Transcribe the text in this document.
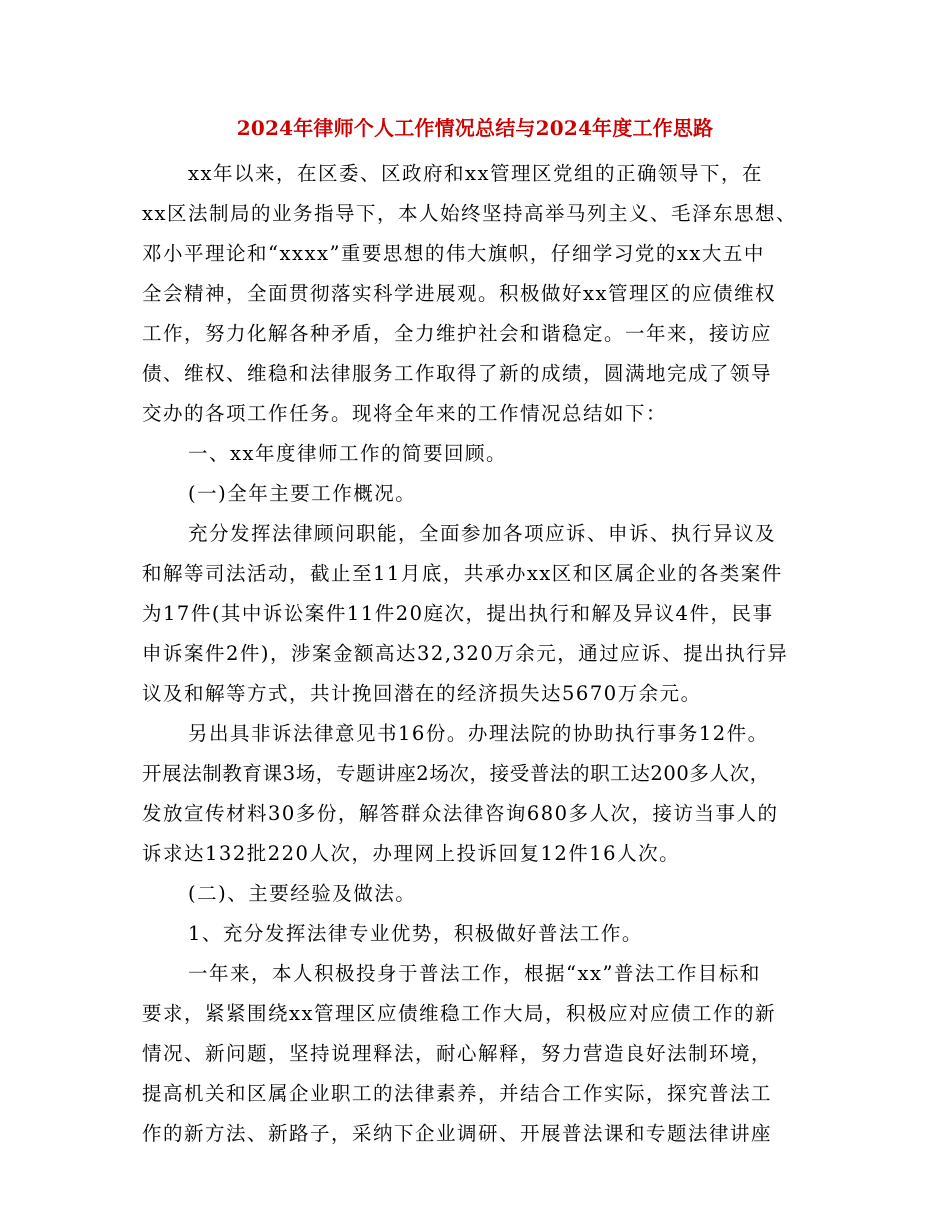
2024年律师个人工作情况总结与2024年度工作思路
xx年以来，在区委、区政府和xx管理区党组的正确领导下，在
xx区法制局的业务指导下，本人始终坚持高举马列主义、毛泽东思想、
邓小平理论和“xxxx”重要思想的伟大旗帜，仔细学习党的xx大五中
全会精神，全面贯彻落实科学进展观。积极做好xx管理区的应债维权
工作，努力化解各种矛盾，全力维护社会和谐稳定。一年来，接访应
债、维权、维稳和法律服务工作取得了新的成绩，圆满地完成了领导
交办的各项工作任务。现将全年来的工作情况总结如下：
一、xx年度律师工作的简要回顾。
(一)全年主要工作概况。
充分发挥法律顾问职能，全面参加各项应诉、申诉、执行异议及
和解等司法活动，截止至11月底，共承办xx区和区属企业的各类案件
为17件(其中诉讼案件11件20庭次，提出执行和解及异议4件，民事
申诉案件2件)，涉案金额高达32,320万余元，通过应诉、提出执行异
议及和解等方式，共计挽回潜在的经济损失达5670万余元。
另出具非诉法律意见书16份。办理法院的协助执行事务12件。
开展法制教育课3场，专题讲座2场次，接受普法的职工达200多人次，
发放宣传材料30多份，解答群众法律咨询680多人次，接访当事人的
诉求达132批220人次，办理网上投诉回复12件16人次。
(二)、主要经验及做法。
1、充分发挥法律专业优势，积极做好普法工作。
一年来，本人积极投身于普法工作，根据“xx”普法工作目标和
要求，紧紧围绕xx管理区应债维稳工作大局，积极应对应债工作的新
情况、新问题，坚持说理释法，耐心解释，努力营造良好法制环境，
提高机关和区属企业职工的法律素养，并结合工作实际，探究普法工
作的新方法、新路子，采纳下企业调研、开展普法课和专题法律讲座
